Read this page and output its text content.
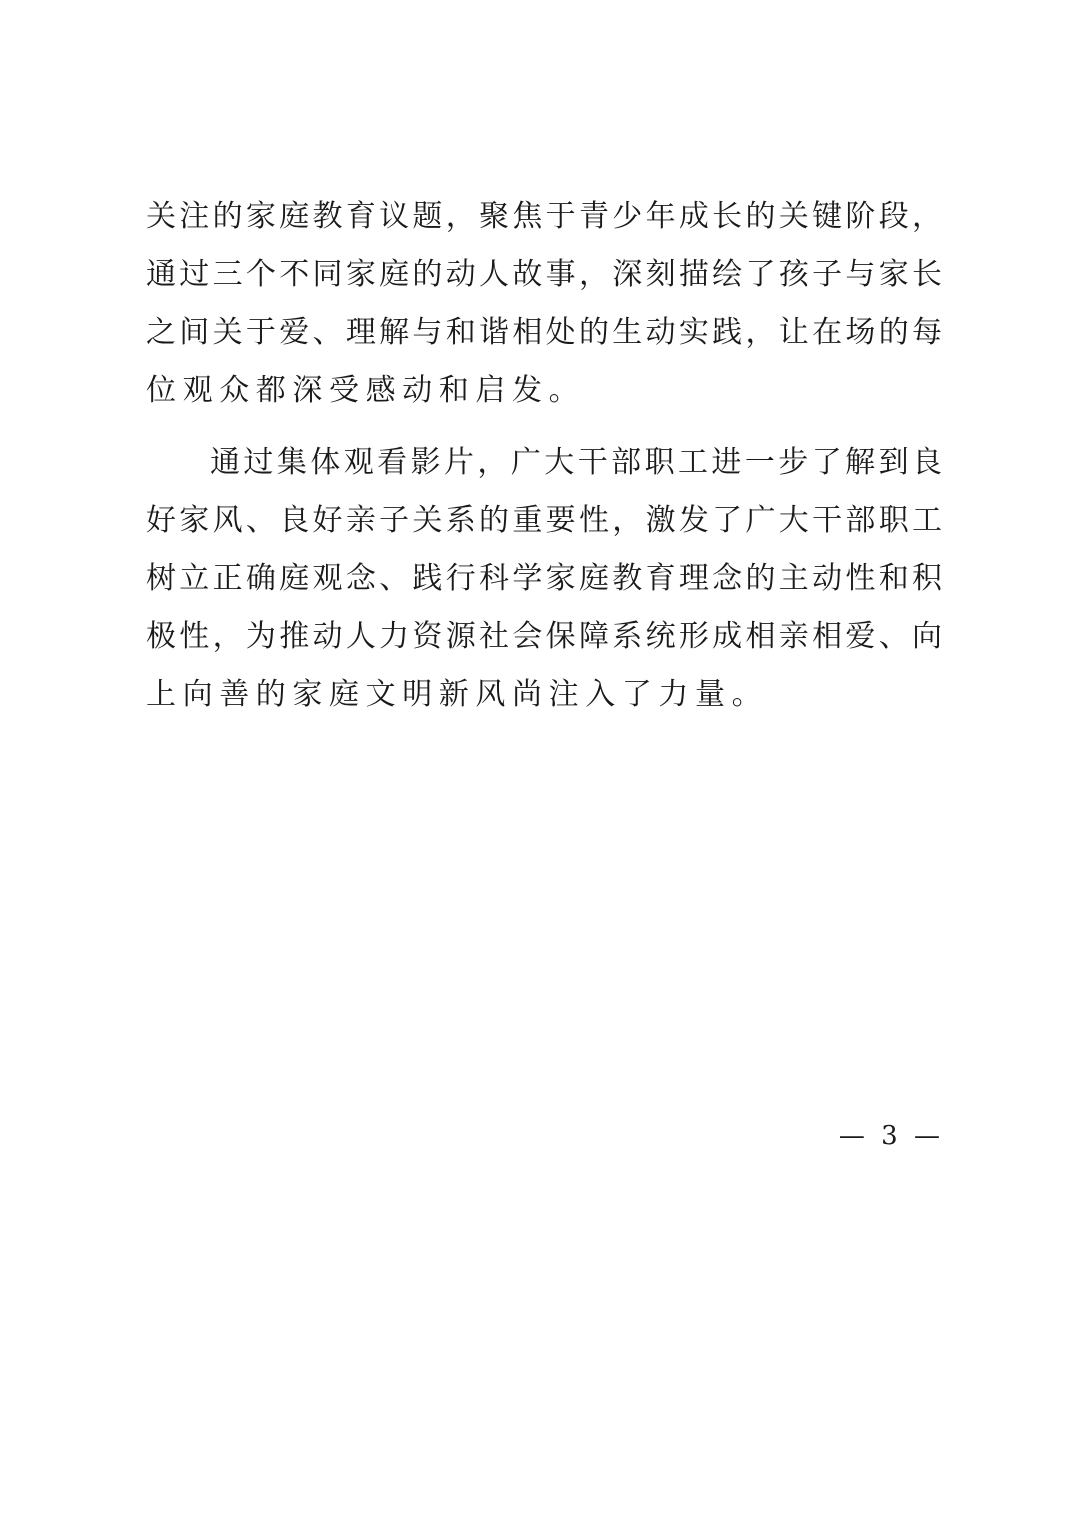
关注的家庭教育议题，聚焦于青少年成长的关键阶段，
通过三个不同家庭的动人故事，深刻描绘了孩子与家长
之间关于爱、理解与和谐相处的生动实践，让在场的每
位观众都深受感动和启发。
通过集体观看影片，广大干部职工进一步了解到良
好家风、良好亲子关系的重要性，激发了广大干部职工
树立正确庭观念、践行科学家庭教育理念的主动性和积
极性，为推动人力资源社会保障系统形成相亲相爱、向
上向善的家庭文明新风尚注入了力量。
— 3 —
